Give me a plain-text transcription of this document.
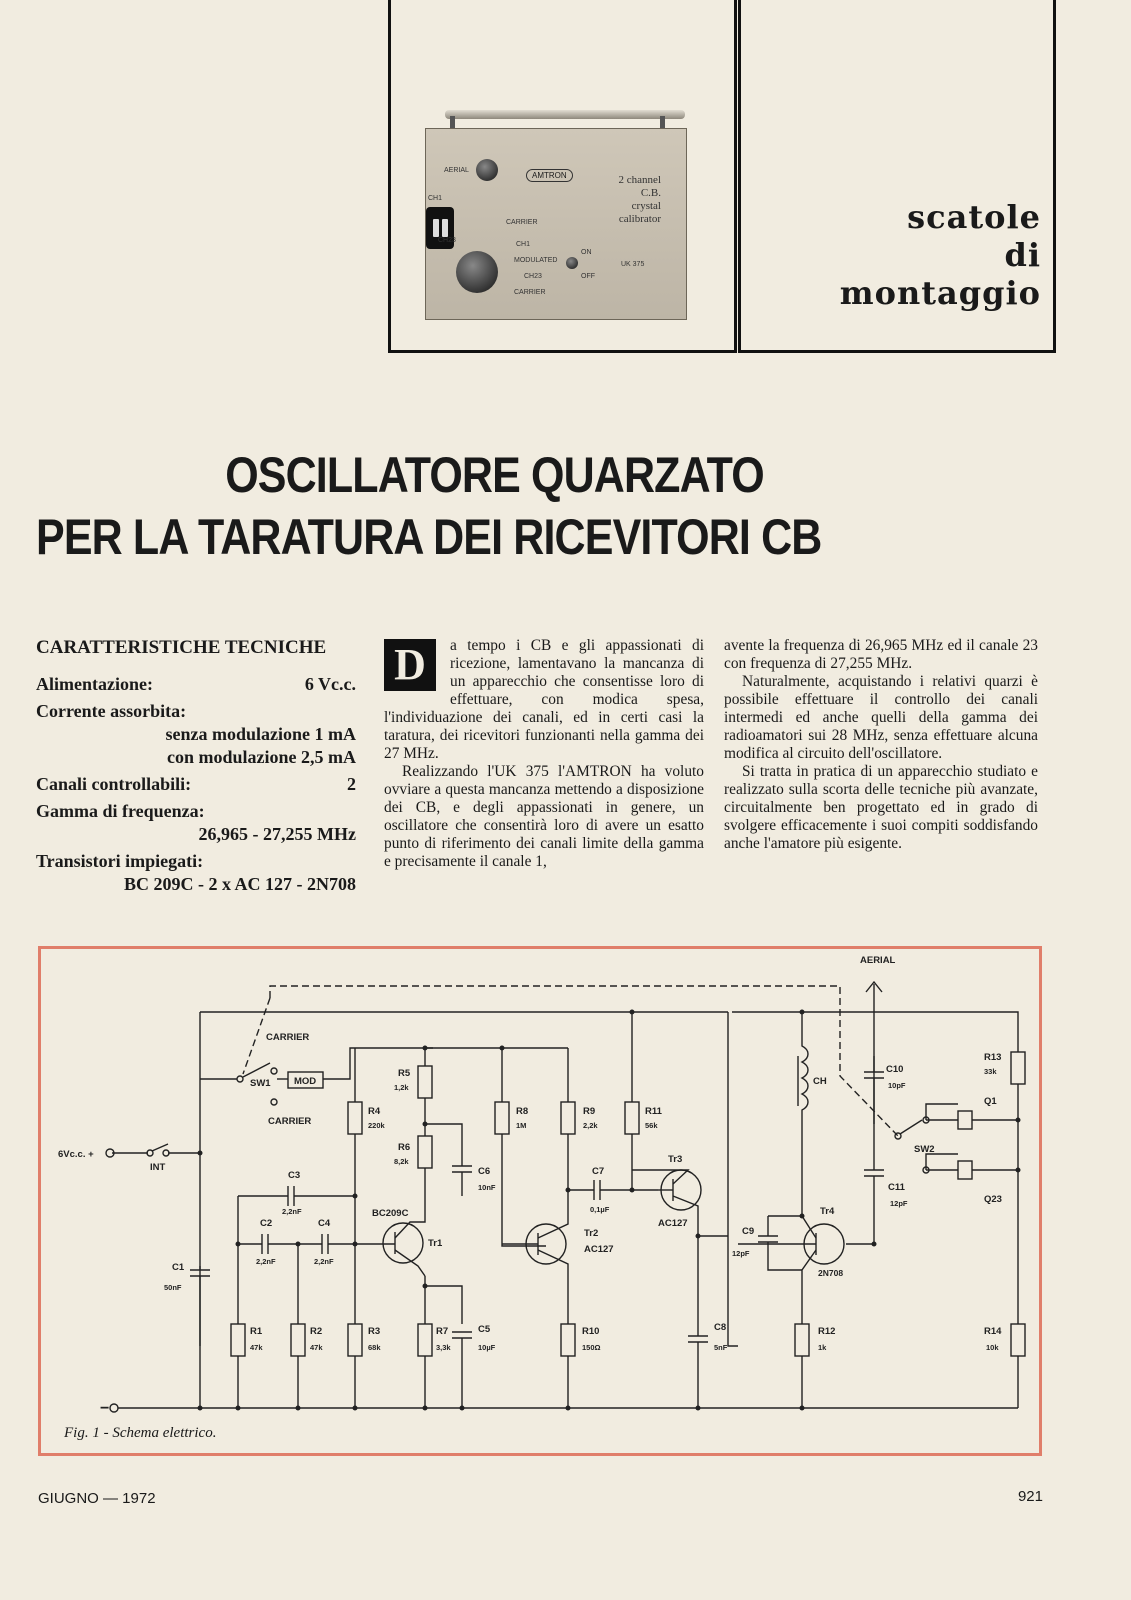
AERIAL
AMTRON	2 channel
C.B.
crystal
calibrator
CH1
CH23
CARRIER
CH1
MODULATED
CH23
CARRIER
ON
OFF
UK 375
scatole
di
montaggio
OSCILLATORE QUARZATO
PER LA TARATURA DEI RICEVITORI CB
CARATTERISTICHE TECNICHE
Alimentazione:	6 Vc.c.
Corrente assorbita:
senza modulazione 1 mA
con modulazione 2,5 mA
Canali controllabili:	2
Gamma di frequenza:
26,965 - 27,255 MHz
Transistori impiegati:
BC 209C - 2 x AC 127 - 2N708
D	a tempo i CB e gli appassionati di ricezione, lamentavano la mancanza di un apparecchio che consentisse loro di effettuare, con modica spesa, l'individuazione dei canali, ed in certi casi la taratura, dei ricevitori funzionanti nella gamma dei 27 MHz.

Realizzando l'UK 375 l'AMTRON ha voluto ovviare a questa mancanza mettendo a disposizione dei CB, e degli appassionati in genere, un oscillatore che consentirà loro di avere un esatto punto di riferimento dei canali limite della gamma e precisamente il canale 1,

avente la frequenza di 26,965 MHz ed il canale 23 con frequenza di 27,255 MHz.

Naturalmente, acquistando i relativi quarzi è possibile effettuare il controllo dei canali intermedi ed anche quelli della gamma dei radioamatori sui 28 MHz, senza effettuare alcuna modifica al circuito dell'oscillatore.

Si tratta in pratica di un apparecchio studiato e realizzato sulla scorta delle tecniche più avanzate, circuitalmente ben progettato ed in grado di svolgere efficacemente i suoi compiti soddisfando anche l'amatore più esigente.

AERIAL
CARRIER
SW1 MOD
CARRIER
6Vc.c. +
INT
−
R5
1,2k
R4
220k
R6
8,2k
R8
1M
R9
2,2k
R11
56k
R13
33k
CH
C10
10pF
Q1
SW2
Q23
C11
12pF
C3
2,2nF
C6
10nF
C7
0,1µF
Tr3
AC127
C2
2,2nF
C4
2,2nF
BC209C
Tr1
Tr2
AC127
C9
12pF
Tr4
2N708
C1
50nF
R1
47k
R2
47k
R3
68k
R7
3,3k
C5
10µF
R10
150Ω
C8
5nF
R12
1k
R14
10k
Fig. 1 - Schema elettrico.
GIUGNO — 1972	921
